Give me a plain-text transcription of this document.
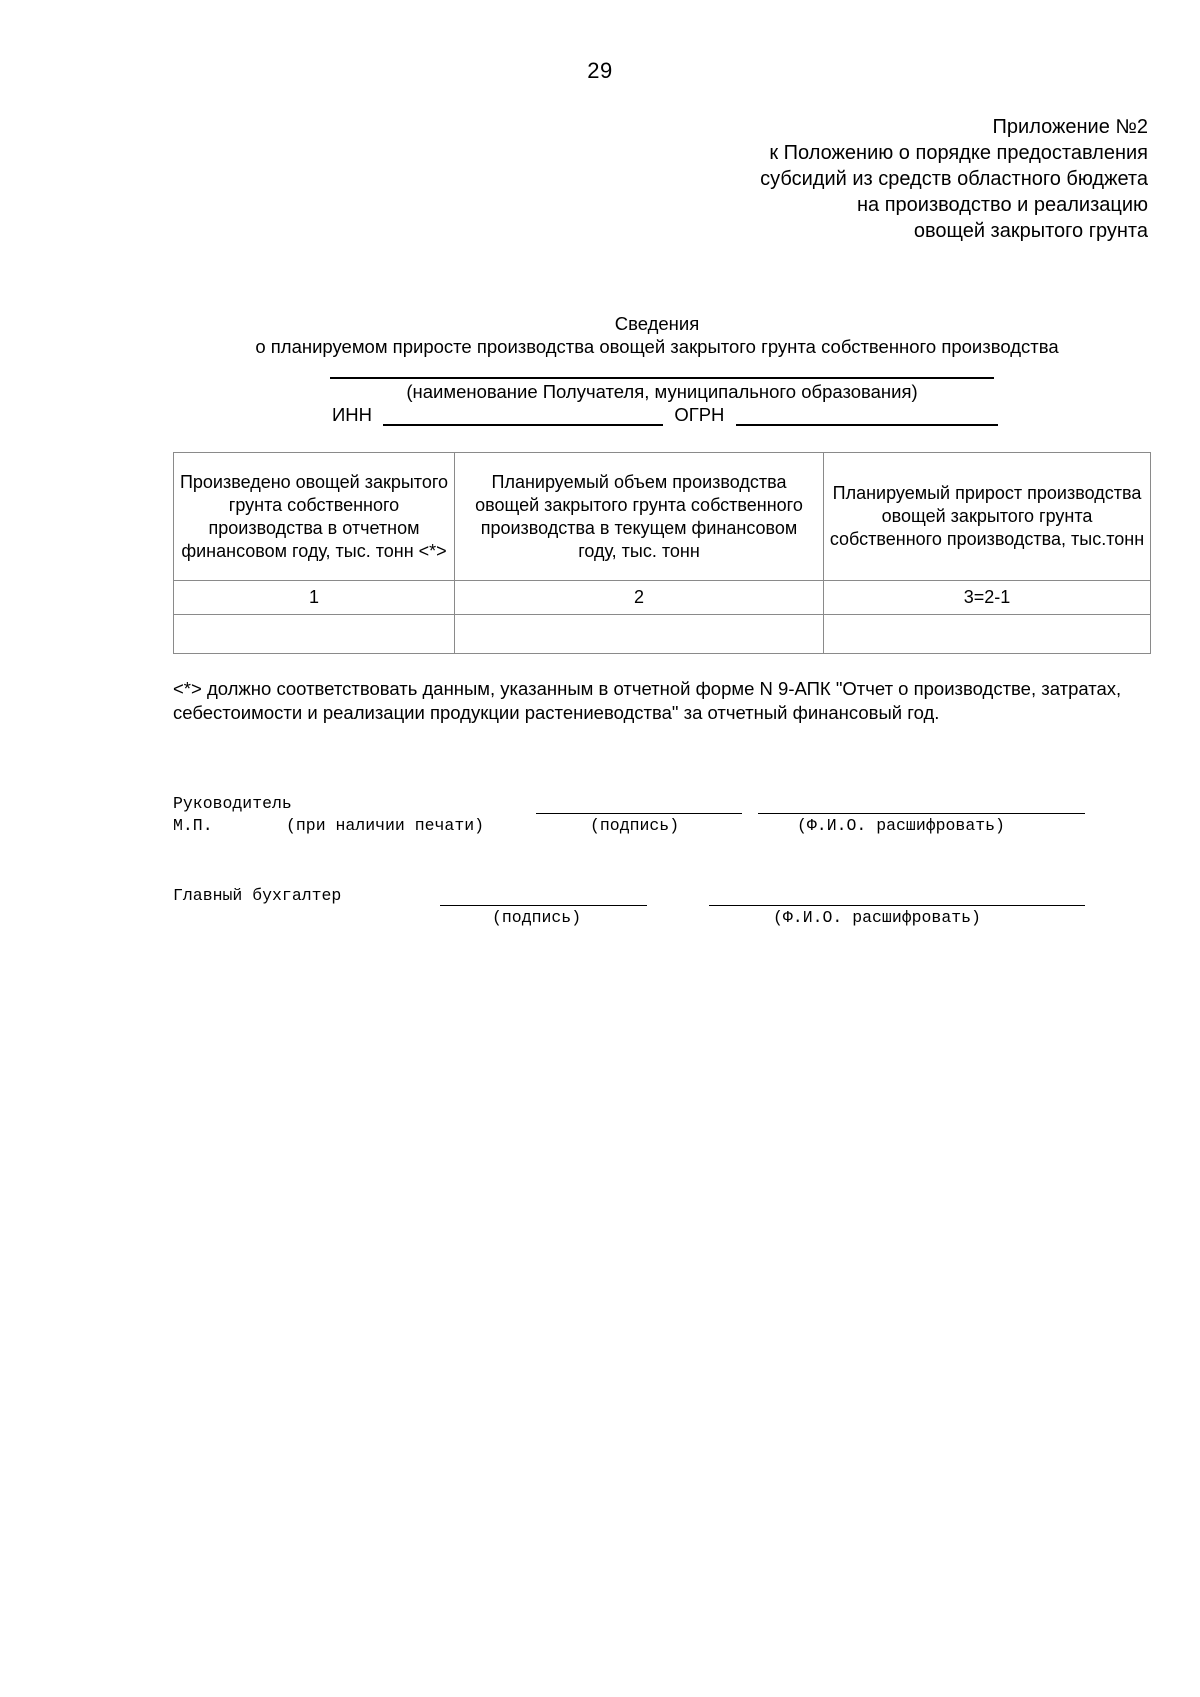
29
Приложение №2
к Положению о порядке предоставления
субсидий из средств областного бюджета
на производство и реализацию
овощей закрытого грунта
Сведения
о планируемом приросте производства овощей закрытого грунта собственного производства
(наименование Получателя, муниципального образования)
ИНН	ОГРН
Произведено овощей закрытого грунта собственного производства в отчетном финансовом году, тыс. тонн <*>	Планируемый объем производства овощей закрытого грунта собственного производства в текущем финансовом году, тыс. тонн	Планируемый прирост производства овощей закрытого грунта собственного производства, тыс.тонн
1	2	3=2-1

<*> должно соответствовать данным, указанным в отчетной форме N 9-АПК "Отчет о производстве, затратах, себестоимости и реализации продукции растениеводства" за отчетный финансовый год.
Руководитель
М.П.	(при наличии печати)	(подпись)	(Ф.И.О. расшифровать)
Главный бухгалтер
(подпись)	(Ф.И.О. расшифровать)
